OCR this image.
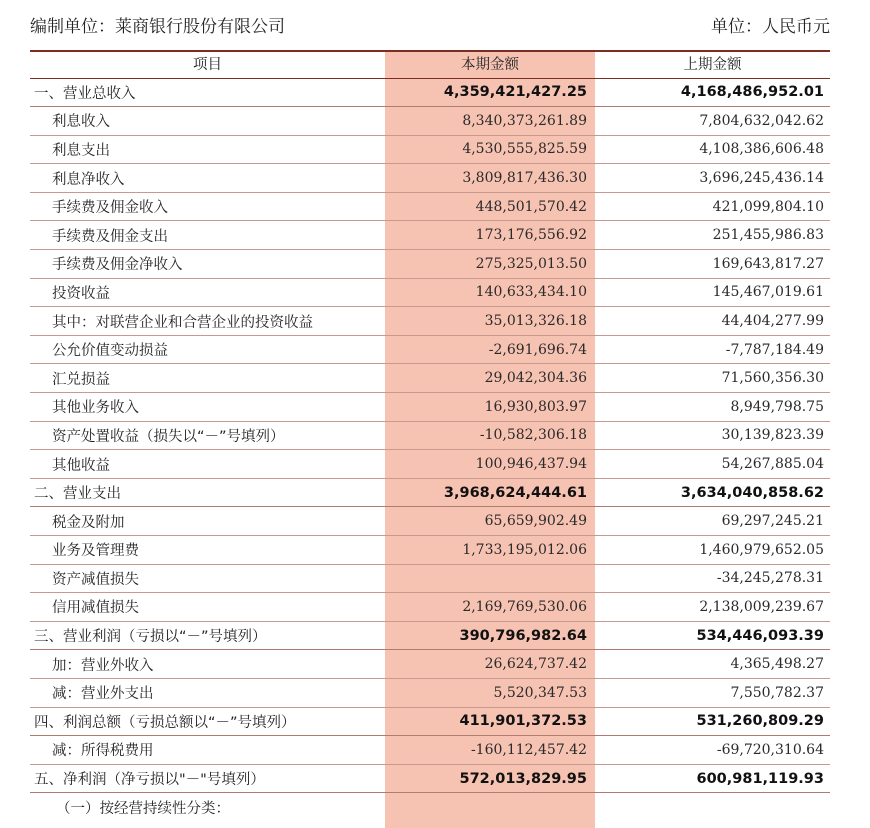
编制单位：莱商银行股份有限公司	单位：人民币元
项目	本期金额	上期金额
一、营业总收入	4,359,421,427.25	4,168,486,952.01
利息收入	8,340,373,261.89	7,804,632,042.62
利息支出	4,530,555,825.59	4,108,386,606.48
利息净收入	3,809,817,436.30	3,696,245,436.14
手续费及佣金收入	448,501,570.42	421,099,804.10
手续费及佣金支出	173,176,556.92	251,455,986.83
手续费及佣金净收入	275,325,013.50	169,643,817.27
投资收益	140,633,434.10	145,467,019.61
其中：对联营企业和合营企业的投资收益	35,013,326.18	44,404,277.99
公允价值变动损益	-2,691,696.74	-7,787,184.49
汇兑损益	29,042,304.36	71,560,356.30
其他业务收入	16,930,803.97	8,949,798.75
资产处置收益（损失以“－”号填列）	-10,582,306.18	30,139,823.39
其他收益	100,946,437.94	54,267,885.04
二、营业支出	3,968,624,444.61	3,634,040,858.62
税金及附加	65,659,902.49	69,297,245.21
业务及管理费	1,733,195,012.06	1,460,979,652.05
资产减值损失		-34,245,278.31
信用减值损失	2,169,769,530.06	2,138,009,239.67
三、营业利润（亏损以“－”号填列）	390,796,982.64	534,446,093.39
加：营业外收入	26,624,737.42	4,365,498.27
减：营业外支出	5,520,347.53	7,550,782.37
四、利润总额（亏损总额以“－”号填列）	411,901,372.53	531,260,809.29
减：所得税费用	-160,112,457.42	-69,720,310.64
五、净利润（净亏损以"－"号填列）	572,013,829.95	600,981,119.93
（一）按经营持续性分类：		
